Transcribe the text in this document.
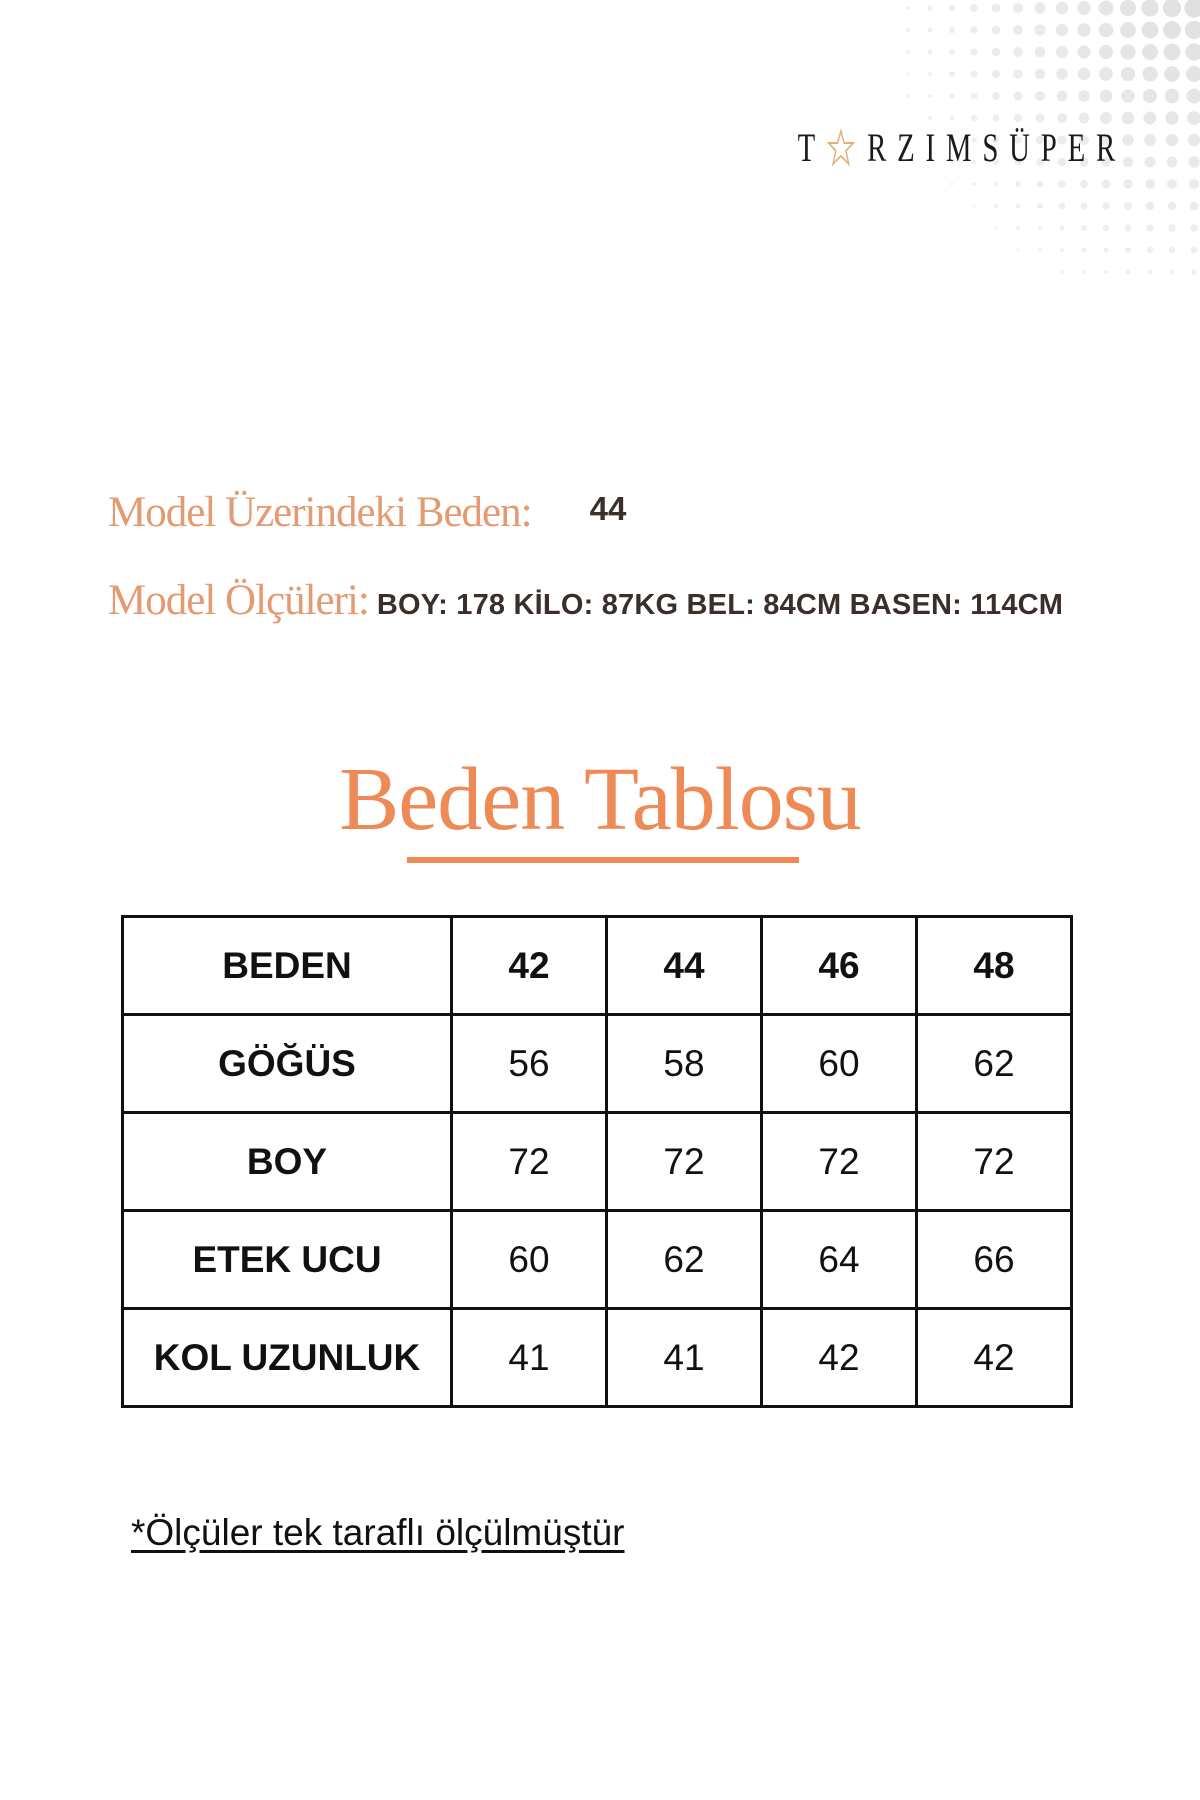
T R Z I M S Ü P E R
Model Üzerindeki Beden: 44
Model Ölçüleri: BOY: 178 KİLO: 87KG BEL: 84CM BASEN: 114CM
Beden Tablosu
BEDEN	42	44	46	48
GÖĞÜS	56	58	60	62
BOY	72	72	72	72
ETEK UCU	60	62	64	66
KOL UZUNLUK	41	41	42	42
*Ölçüler tek taraflı ölçülmüştür
